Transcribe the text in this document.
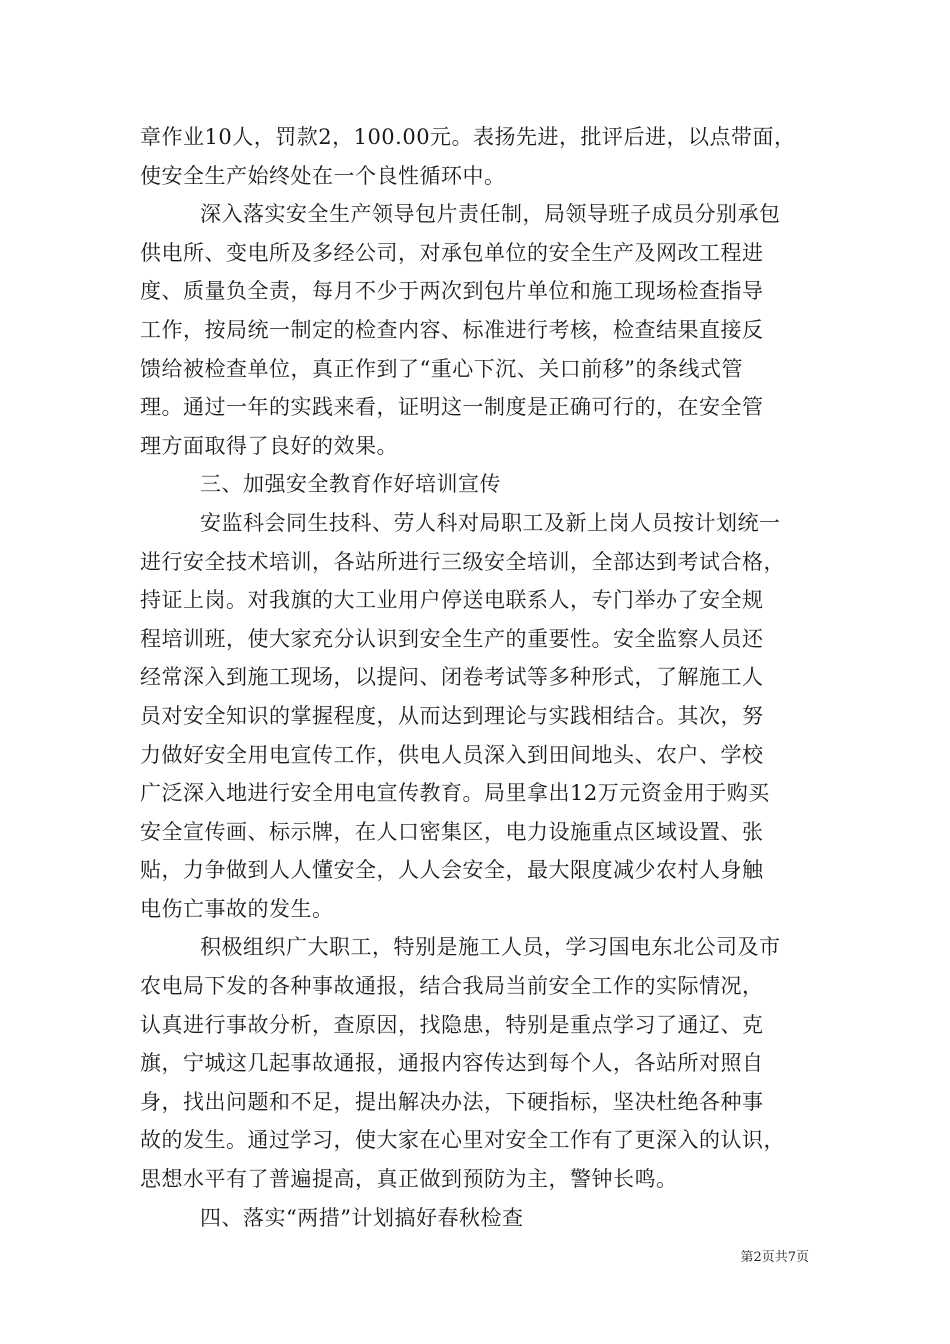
章作业10人，罚款2，100.00元。表扬先进，批评后进，以点带面，
使安全生产始终处在一个良性循环中。
深入落实安全生产领导包片责任制，局领导班子成员分别承包
供电所、变电所及多经公司，对承包单位的安全生产及网改工程进
度、质量负全责，每月不少于两次到包片单位和施工现场检查指导
工作，按局统一制定的检查内容、标准进行考核，检查结果直接反
馈给被检查单位，真正作到了“重心下沉、关口前移”的条线式管
理。通过一年的实践来看，证明这一制度是正确可行的，在安全管
理方面取得了良好的效果。
三、加强安全教育作好培训宣传
安监科会同生技科、劳人科对局职工及新上岗人员按计划统一
进行安全技术培训，各站所进行三级安全培训，全部达到考试合格，
持证上岗。对我旗的大工业用户停送电联系人，专门举办了安全规
程培训班，使大家充分认识到安全生产的重要性。安全监察人员还
经常深入到施工现场，以提问、闭卷考试等多种形式，了解施工人
员对安全知识的掌握程度，从而达到理论与实践相结合。其次，努
力做好安全用电宣传工作，供电人员深入到田间地头、农户、学校
广泛深入地进行安全用电宣传教育。局里拿出12万元资金用于购买
安全宣传画、标示牌，在人口密集区，电力设施重点区域设置、张
贴，力争做到人人懂安全，人人会安全，最大限度减少农村人身触
电伤亡事故的发生。
积极组织广大职工，特别是施工人员，学习国电东北公司及市
农电局下发的各种事故通报，结合我局当前安全工作的实际情况，
认真进行事故分析，查原因，找隐患，特别是重点学习了通辽、克
旗，宁城这几起事故通报，通报内容传达到每个人，各站所对照自
身，找出问题和不足，提出解决办法，下硬指标，坚决杜绝各种事
故的发生。通过学习，使大家在心里对安全工作有了更深入的认识，
思想水平有了普遍提高，真正做到预防为主，警钟长鸣。
四、落实“两措”计划搞好春秋检查
第2页共7页
